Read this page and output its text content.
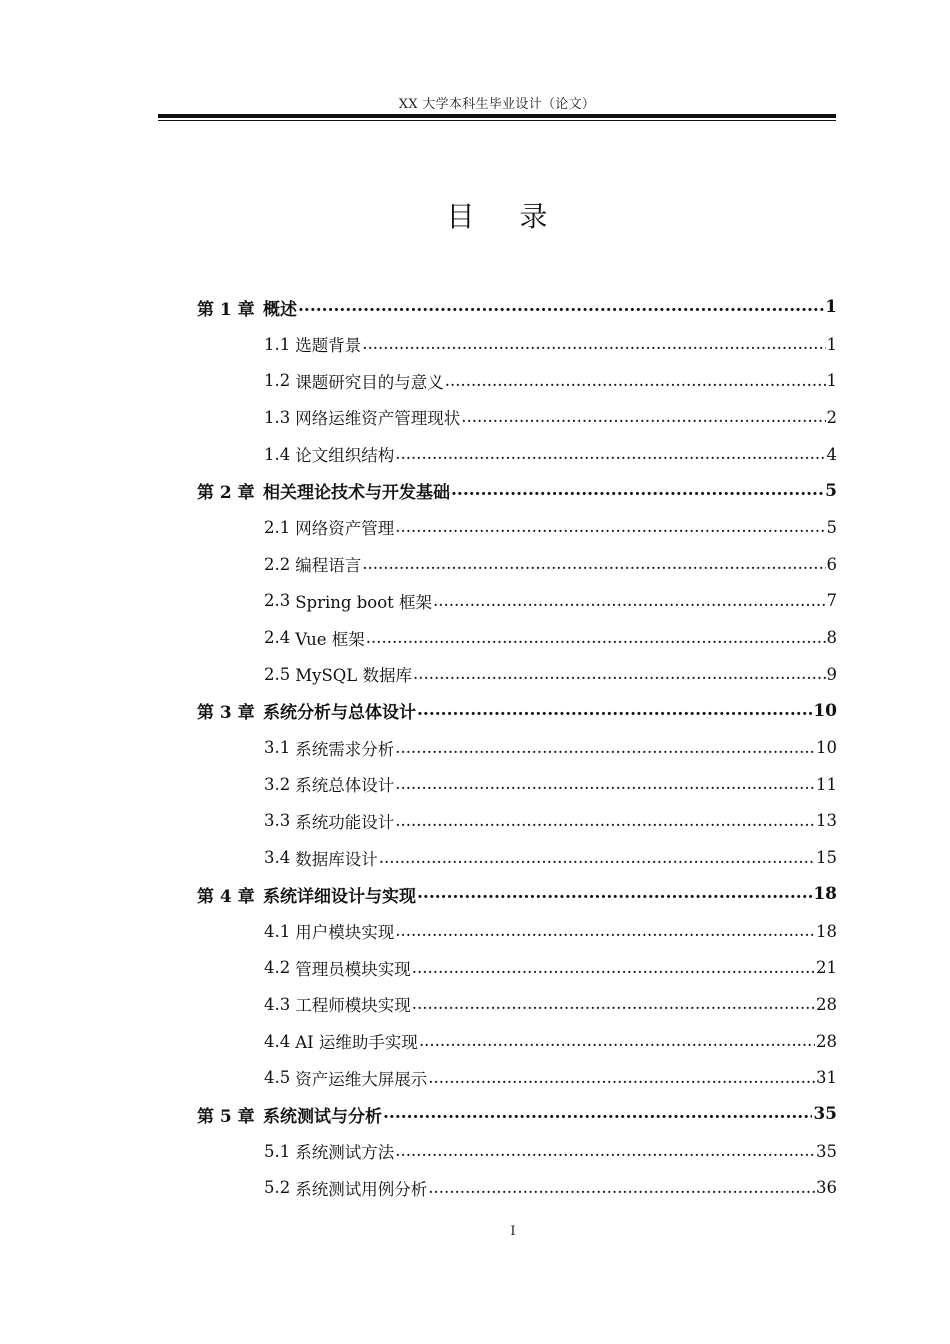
XX 大学本科生毕业设计（论文）
目 录
第 1 章 概述 .....	1
1.1 选题背景 .....	1
1.2 课题研究目的与意义 .....	1
1.3 网络运维资产管理现状 .....	2
1.4 论文组织结构 .....	4
第 2 章 相关理论技术与开发基础 .....	5
2.1 网络资产管理 .....	5
2.2 编程语言 .....	6
2.3 Spring boot 框架 .....	7
2.4 Vue 框架 .....	8
2.5 MySQL 数据库 .....	9
第 3 章 系统分析与总体设计 .....	10
3.1 系统需求分析 .....	10
3.2 系统总体设计 .....	11
3.3 系统功能设计 .....	13
3.4 数据库设计 .....	15
第 4 章 系统详细设计与实现 .....	18
4.1 用户模块实现 .....	18
4.2 管理员模块实现 .....	21
4.3 工程师模块实现 .....	28
4.4 AI 运维助手实现 .....	28
4.5 资产运维大屏展示 .....	31
第 5 章 系统测试与分析 .....	35
5.1 系统测试方法 .....	35
5.2 系统测试用例分析 .....	36
I
